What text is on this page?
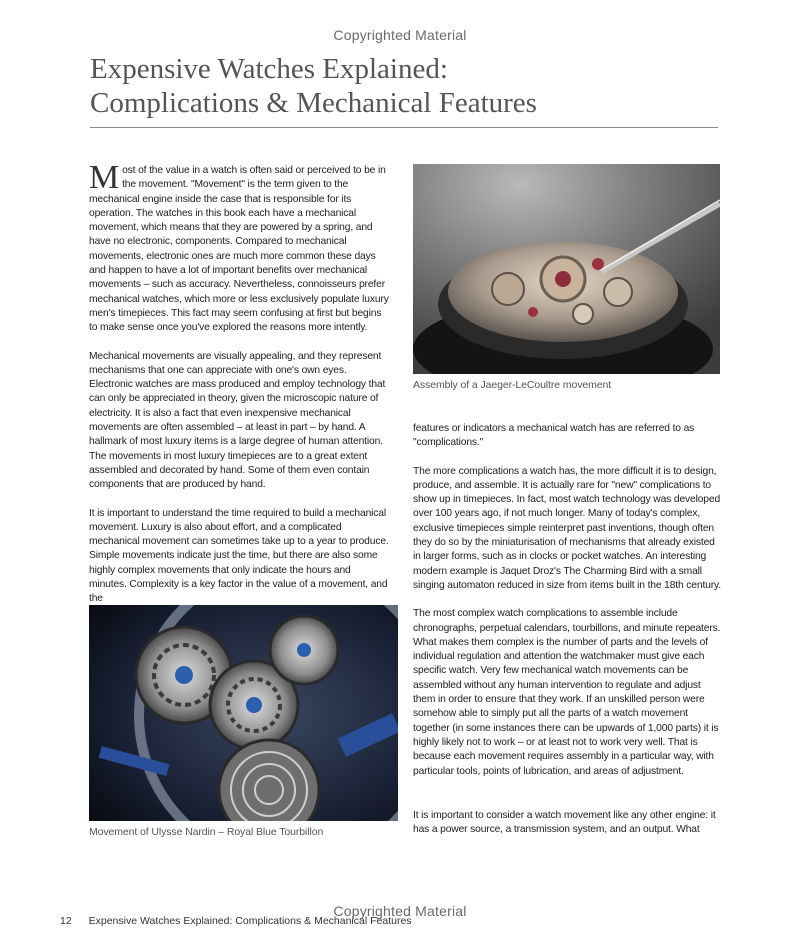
Copyrighted Material
Expensive Watches Explained:
Complications & Mechanical Features

Most of the value in a watch is often said or perceived to be in the movement. "Movement" is the term given to the mechanical engine inside the case that is responsible for its operation. The watches in this book each have a mechanical movement, which means that they are powered by a spring, and have no electronic, components. Compared to mechanical movements, electronic ones are much more common these days and happen to have a lot of important benefits over mechanical movements – such as accuracy. Nevertheless, connoisseurs prefer mechanical watches, which more or less exclusively populate luxury men's timepieces. This fact may seem confusing at first but begins to make sense once you've explored the reasons more intently.

Mechanical movements are visually appealing, and they represent mechanisms that one can appreciate with one's own eyes. Electronic watches are mass produced and employ technology that can only be appreciated in theory, given the microscopic nature of electricity. It is also a fact that even inexpensive mechanical movements are often assembled – at least in part – by hand. A hallmark of most luxury items is a large degree of human attention. The movements in most luxury timepieces are to a great extent assembled and decorated by hand. Some of them even contain components that are produced by hand.

It is important to understand the time required to build a mechanical movement. Luxury is also about effort, and a complicated mechanical movement can sometimes take up to a year to produce. Simple movements indicate just the time, but there are also some highly complex movements that only indicate the hours and minutes. Complexity is a key factor in the value of a movement, and the

Assembly of a Jaeger-LeCoultre movement

features or indicators a mechanical watch has are referred to as "complications."

The more complications a watch has, the more difficult it is to design, produce, and assemble. It is actually rare for "new" complications to show up in timepieces. In fact, most watch technology was developed over 100 years ago, if not much longer. Many of today's complex, exclusive timepieces simple reinterpret past inventions, though often they do so by the miniaturisation of mechanisms that already existed in larger forms, such as in clocks or pocket watches. An interesting modern example is Jaquet Droz's The Charming Bird with a small singing automaton reduced in size from items built in the 18th century.

The most complex watch complications to assemble include chronographs, perpetual calendars, tourbillons, and minute repeaters. What makes them complex is the number of parts and the levels of individual regulation and attention the watchmaker must give each specific watch. Very few mechanical watch movements can be assembled without any human intervention to regulate and adjust them in order to ensure that they work. If an unskilled person were somehow able to simply put all the parts of a watch movement together (in some instances there can be upwards of 1,000 parts) it is highly likely not to work – or at least not to work very well. That is because each movement requires assembly in a particular way, with particular tools, points of lubrication, and areas of adjustment.

It is important to consider a watch movement like any other engine: it has a power source, a transmission system, and an output. What

Movement of Ulysse Nardin – Royal Blue Tourbillon
Copyrighted Material
12 Expensive Watches Explained: Complications & Mechanical Features
